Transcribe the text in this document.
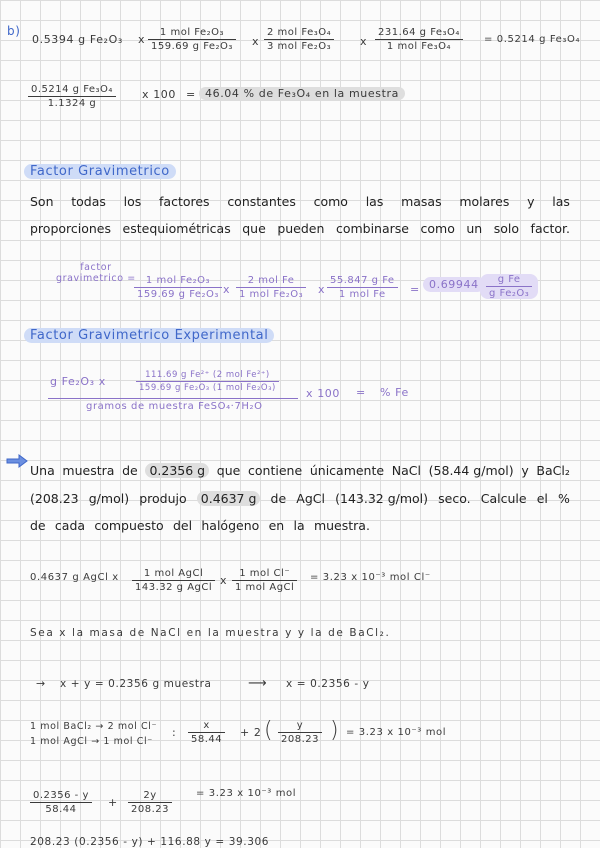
b)
0.5394 g Fe₂O₃ x
1 mol Fe₂O₃
159.69 g Fe₂O₃ x
2 mol Fe₃O₄
3 mol Fe₂O₃	x
231.64 g Fe₃O₄
1 mol Fe₃O₄
= 0.5214 g Fe₃O₄
$\frac{\text{0.5214 g Fe₃O₄}}{1.1324 g}$ x 100 = 46.04 % de Fe₃O₄ en la muestra
Factor Gravimetrico
Son todas los factores constantes como las masas molares y las
proporciones estequiométricas que pueden combinarse como un solo factor.
factor
gravimetrico =	1 mol Fe₂O₃
159.69 g Fe₂O₃ x
2 mol Fe
1 mol Fe₂O₃ x
55.847 g Fe
1 mol Fe	= $0.69944 \frac{\text{g Fe}}{\text{g Fe₂O₃}}$
Factor Gravimetrico Experimental
g Fe₂O₃ x	111.69 g Fe²⁺ (2 mol Fe²⁺)
159.69 g Fe₂O₃ (1 mol Fe₂O₃)
gramos de muestra FeSO₄·7H₂O
x 100 = % Fe
Una muestra de 0.2356 g que contiene únicamente NaCl (58.44 g/mol) y BaCl₂
(208.23 g/mol) produjo	0.4637 g	de AgCl (143.32 g/mol) seco. Calcule el %
de cada compuesto del halógeno en la muestra.
0.4637 g AgCl x	1 mol AgCl
143.32 g AgCl
x
1 mol Cl⁻
1 mol AgCl
= 3.23 x 10⁻³ mol Cl⁻
Sea x la masa de NaCl en la muestra y y la de BaCl₂.
→ x + y = 0.2356 g muestra	⟶ x = 0.2356 - y
1 mol BaCl₂ → 2 mol Cl⁻
1 mol AgCl → 1 mol Cl⁻
: $\frac{x}{58.44} + 2$ ( $\frac{y}{208.23}$ ) = 3.23 x 10⁻³ mol
$\frac{0.2356 - y}{58.44} + \frac{2y}{208.23} = 3.23$ x 10⁻³ mol
208.23 (0.2356 - y) + 116.88 y = 39.306
